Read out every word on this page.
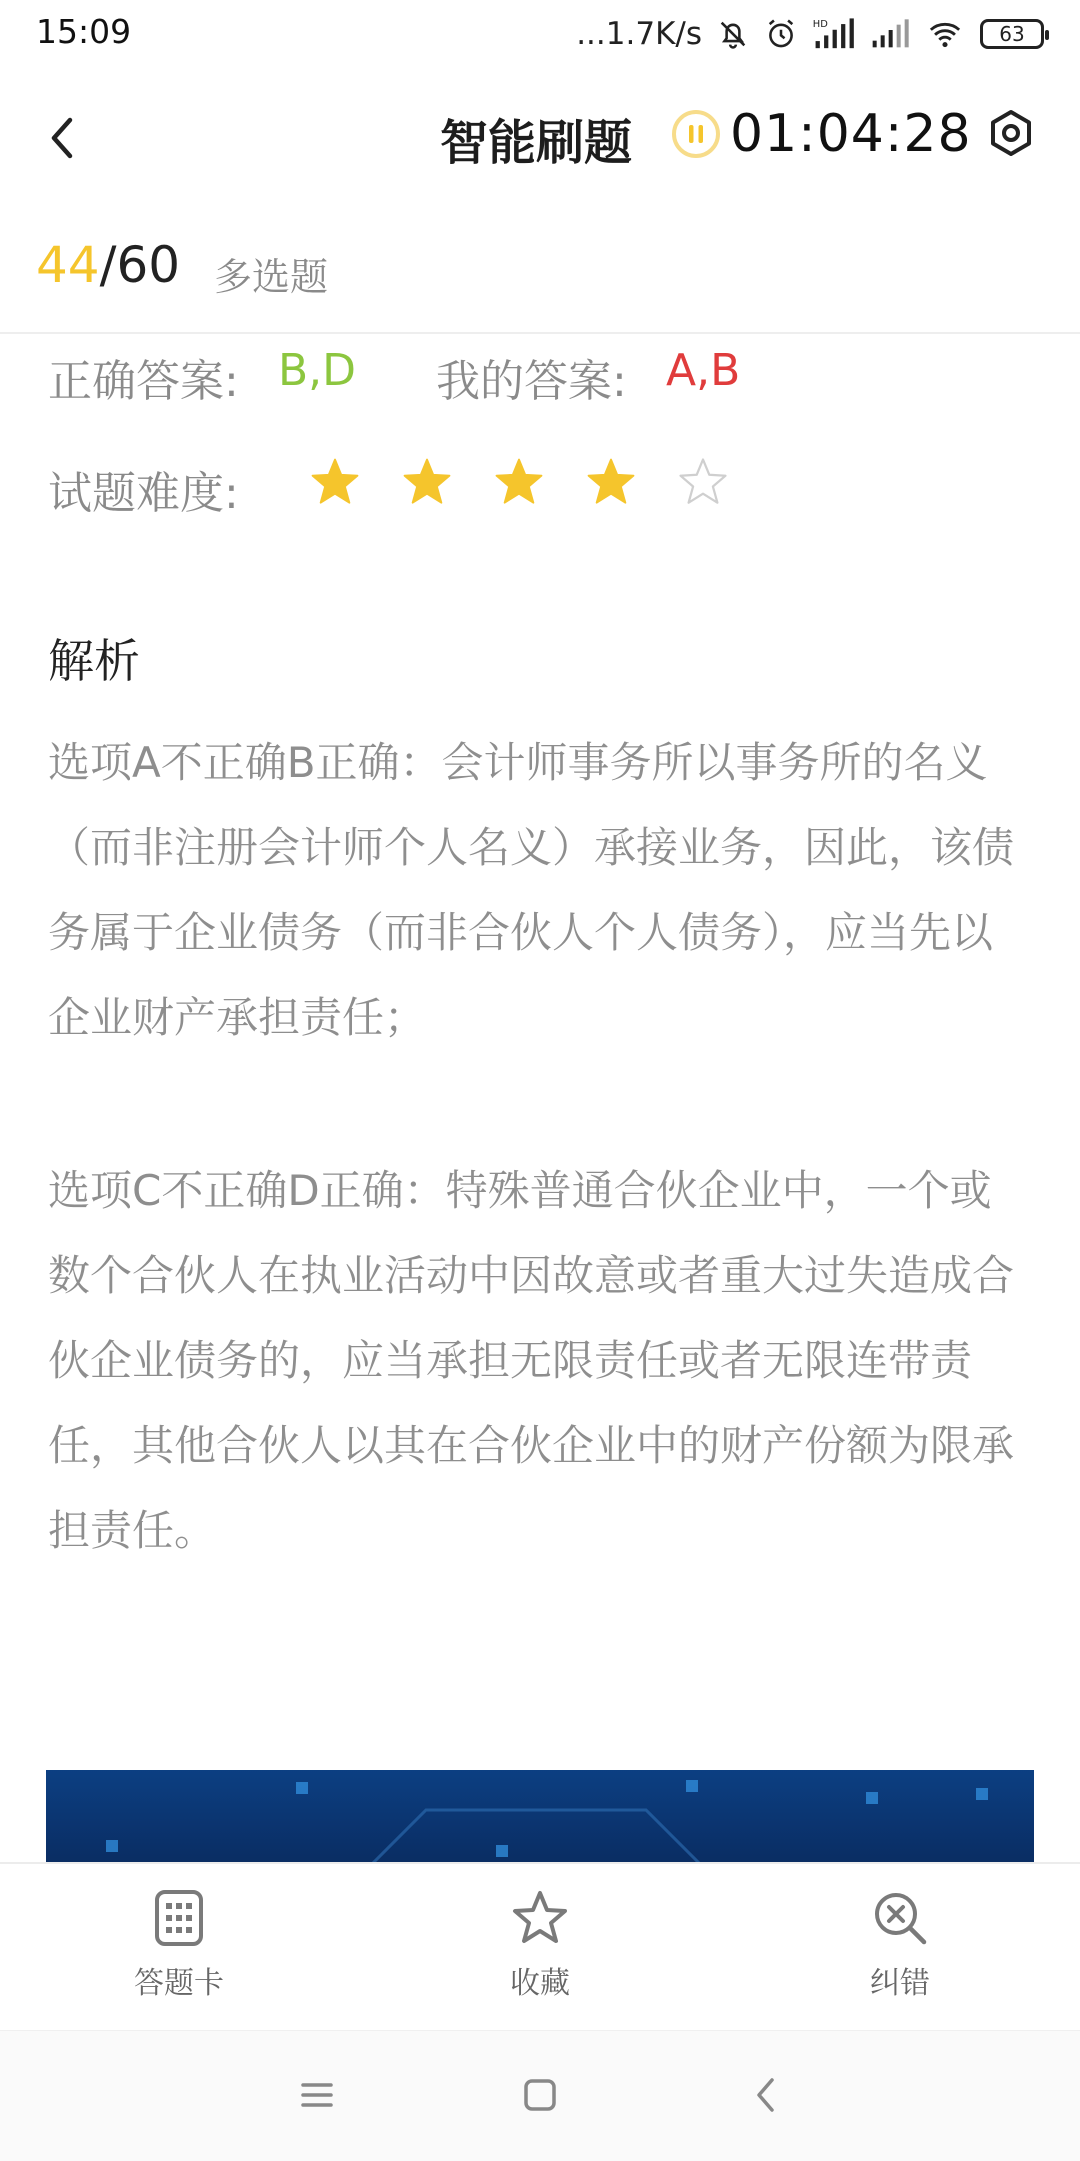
15:09	...1.7K/s	HD	63
智能刷题 01:04:28
44/60 多选题
正确答案: B,D 我的答案: A,B
试题难度:
解析
选项A不正确B正确：会计师事务所以事务所的名义（而非注册会计师个人名义）承接业务，因此，该债务属于企业债务（而非合伙人个人债务），应当先以企业财产承担责任；
选项C不正确D正确：特殊普通合伙企业中，一个或数个合伙人在执业活动中因故意或者重大过失造成合伙企业债务的，应当承担无限责任或者无限连带责任，其他合伙人以其在合伙企业中的财产份额为限承担责任。
答题卡	收藏	纠错
